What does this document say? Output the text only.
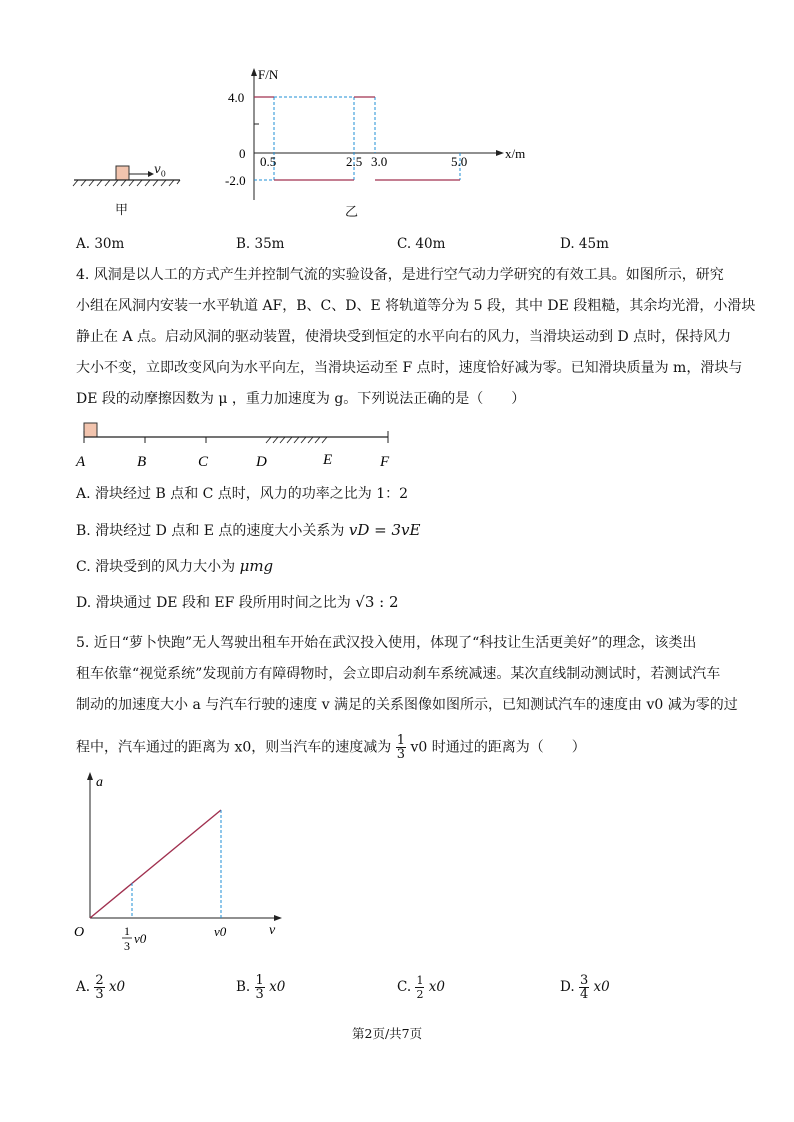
$v_0$
甲
F/N
x/m
4.0
0
-2.0
0.5	2.5 3.0	5.0
乙
A. 30m	B. 35m	C. 40m	D. 45m
4. 风洞是以人工的方式产生并控制气流的实验设备，是进行空气动力学研究的有效工具。如图所示，研究
小组在风洞内安装一水平轨道 AF，B、C、D、E 将轨道等分为 5 段，其中 DE 段粗糙，其余均光滑，小滑块
静止在 A 点。启动风洞的驱动装置，使滑块受到恒定的水平向右的风力，当滑块运动到 D 点时，保持风力
大小不变，立即改变风向为水平向左，当滑块运动至 F 点时，速度恰好减为零。已知滑块质量为 m，滑块与
DE 段的动摩擦因数为 μ ，重力加速度为 g。下列说法正确的是（　　）
A	B	C	D	E	F
A. 滑块经过 B 点和 C 点时，风力的功率之比为 1：2
B. 滑块经过 D 点和 E 点的速度大小关系为 vD = 3vE
C. 滑块受到的风力大小为 μmg
D. 滑块通过 DE 段和 EF 段所用时间之比为 √3 : 2
5. 近日“萝卜快跑”无人驾驶出租车开始在武汉投入使用，体现了“科技让生活更美好”的理念，该类出
租车依靠“视觉系统”发现前方有障碍物时，会立即启动刹车系统减速。某次直线制动测试时，若测试汽车
制动的加速度大小 a 与汽车行驶的速度 v 满足的关系图像如图所示，已知测试汽车的速度由 v0 减为零的过
程中，汽车通过的距离为 x0，则当汽车的速度减为 $\frac{1}{3} v0$ 时通过的距离为（　　）
a
v
O	v0
1
3 v0
A. $\frac{2}{3} x0$	B. $\frac{1}{3} x0$	C. $\frac{1}{2} x0$	D. $\frac{3}{4} x0$
第2页/共7页
